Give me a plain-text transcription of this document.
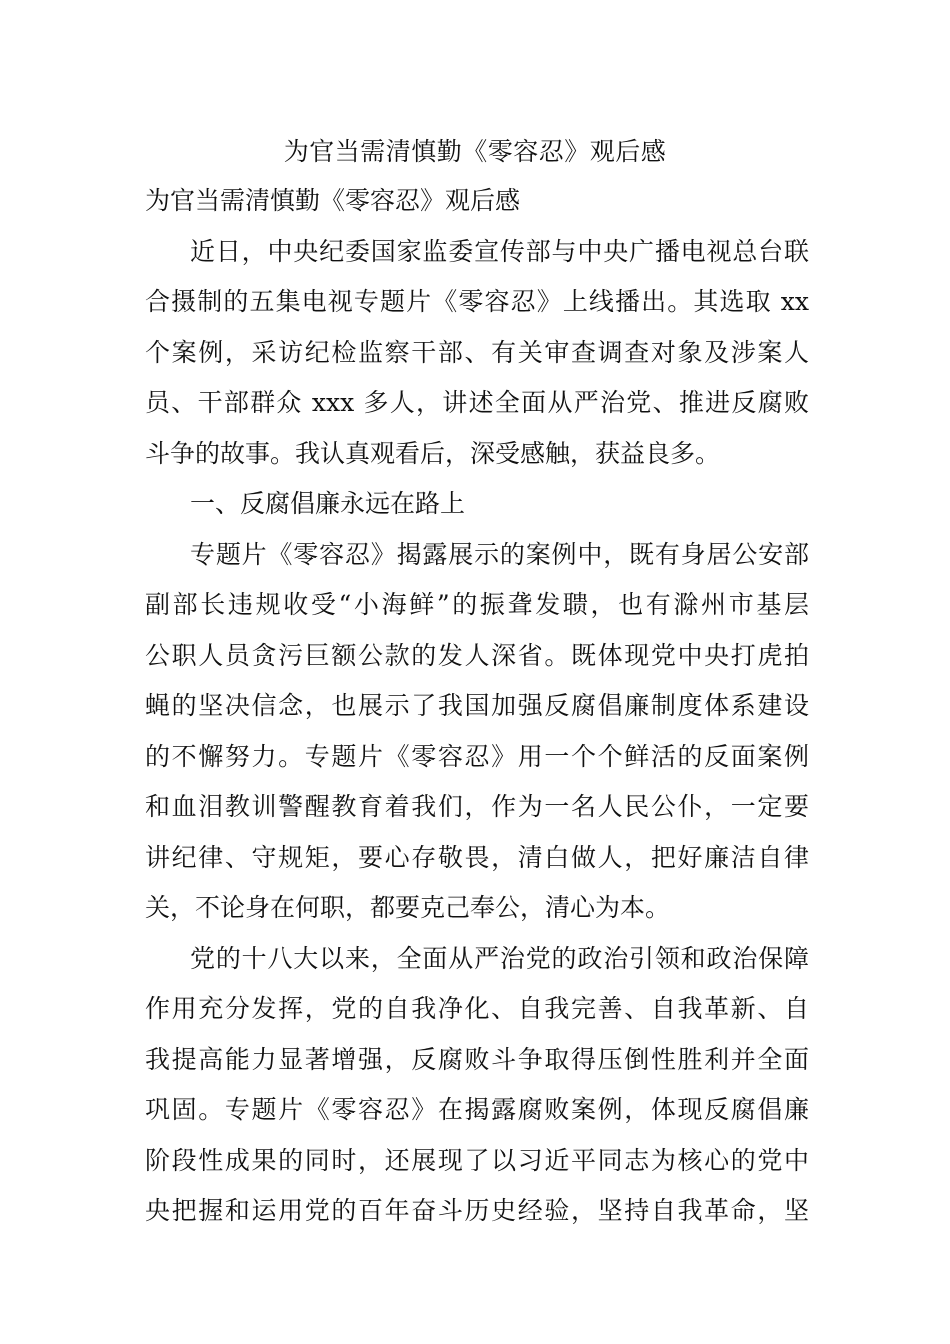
为官当需清慎勤《零容忍》观后感
为官当需清慎勤《零容忍》观后感
近日，中央纪委国家监委宣传部与中央广播电视总台联
合摄制的五集电视专题片《零容忍》上线播出。其选取 xx
个案例，采访纪检监察干部、有关审查调查对象及涉案人
员、干部群众 xxx 多人，讲述全面从严治党、推进反腐败
斗争的故事。我认真观看后，深受感触，获益良多。
一、反腐倡廉永远在路上
专题片《零容忍》揭露展示的案例中，既有身居公安部
副部长违规收受“小海鲜”的振聋发聩，也有滁州市基层
公职人员贪污巨额公款的发人深省。既体现党中央打虎拍
蝇的坚决信念，也展示了我国加强反腐倡廉制度体系建设
的不懈努力。专题片《零容忍》用一个个鲜活的反面案例
和血泪教训警醒教育着我们，作为一名人民公仆，一定要
讲纪律、守规矩，要心存敬畏，清白做人，把好廉洁自律
关，不论身在何职，都要克己奉公，清心为本。
党的十八大以来，全面从严治党的政治引领和政治保障
作用充分发挥，党的自我净化、自我完善、自我革新、自
我提高能力显著增强，反腐败斗争取得压倒性胜利并全面
巩固。专题片《零容忍》在揭露腐败案例，体现反腐倡廉
阶段性成果的同时，还展现了以习近平同志为核心的党中
央把握和运用党的百年奋斗历史经验，坚持自我革命，坚
